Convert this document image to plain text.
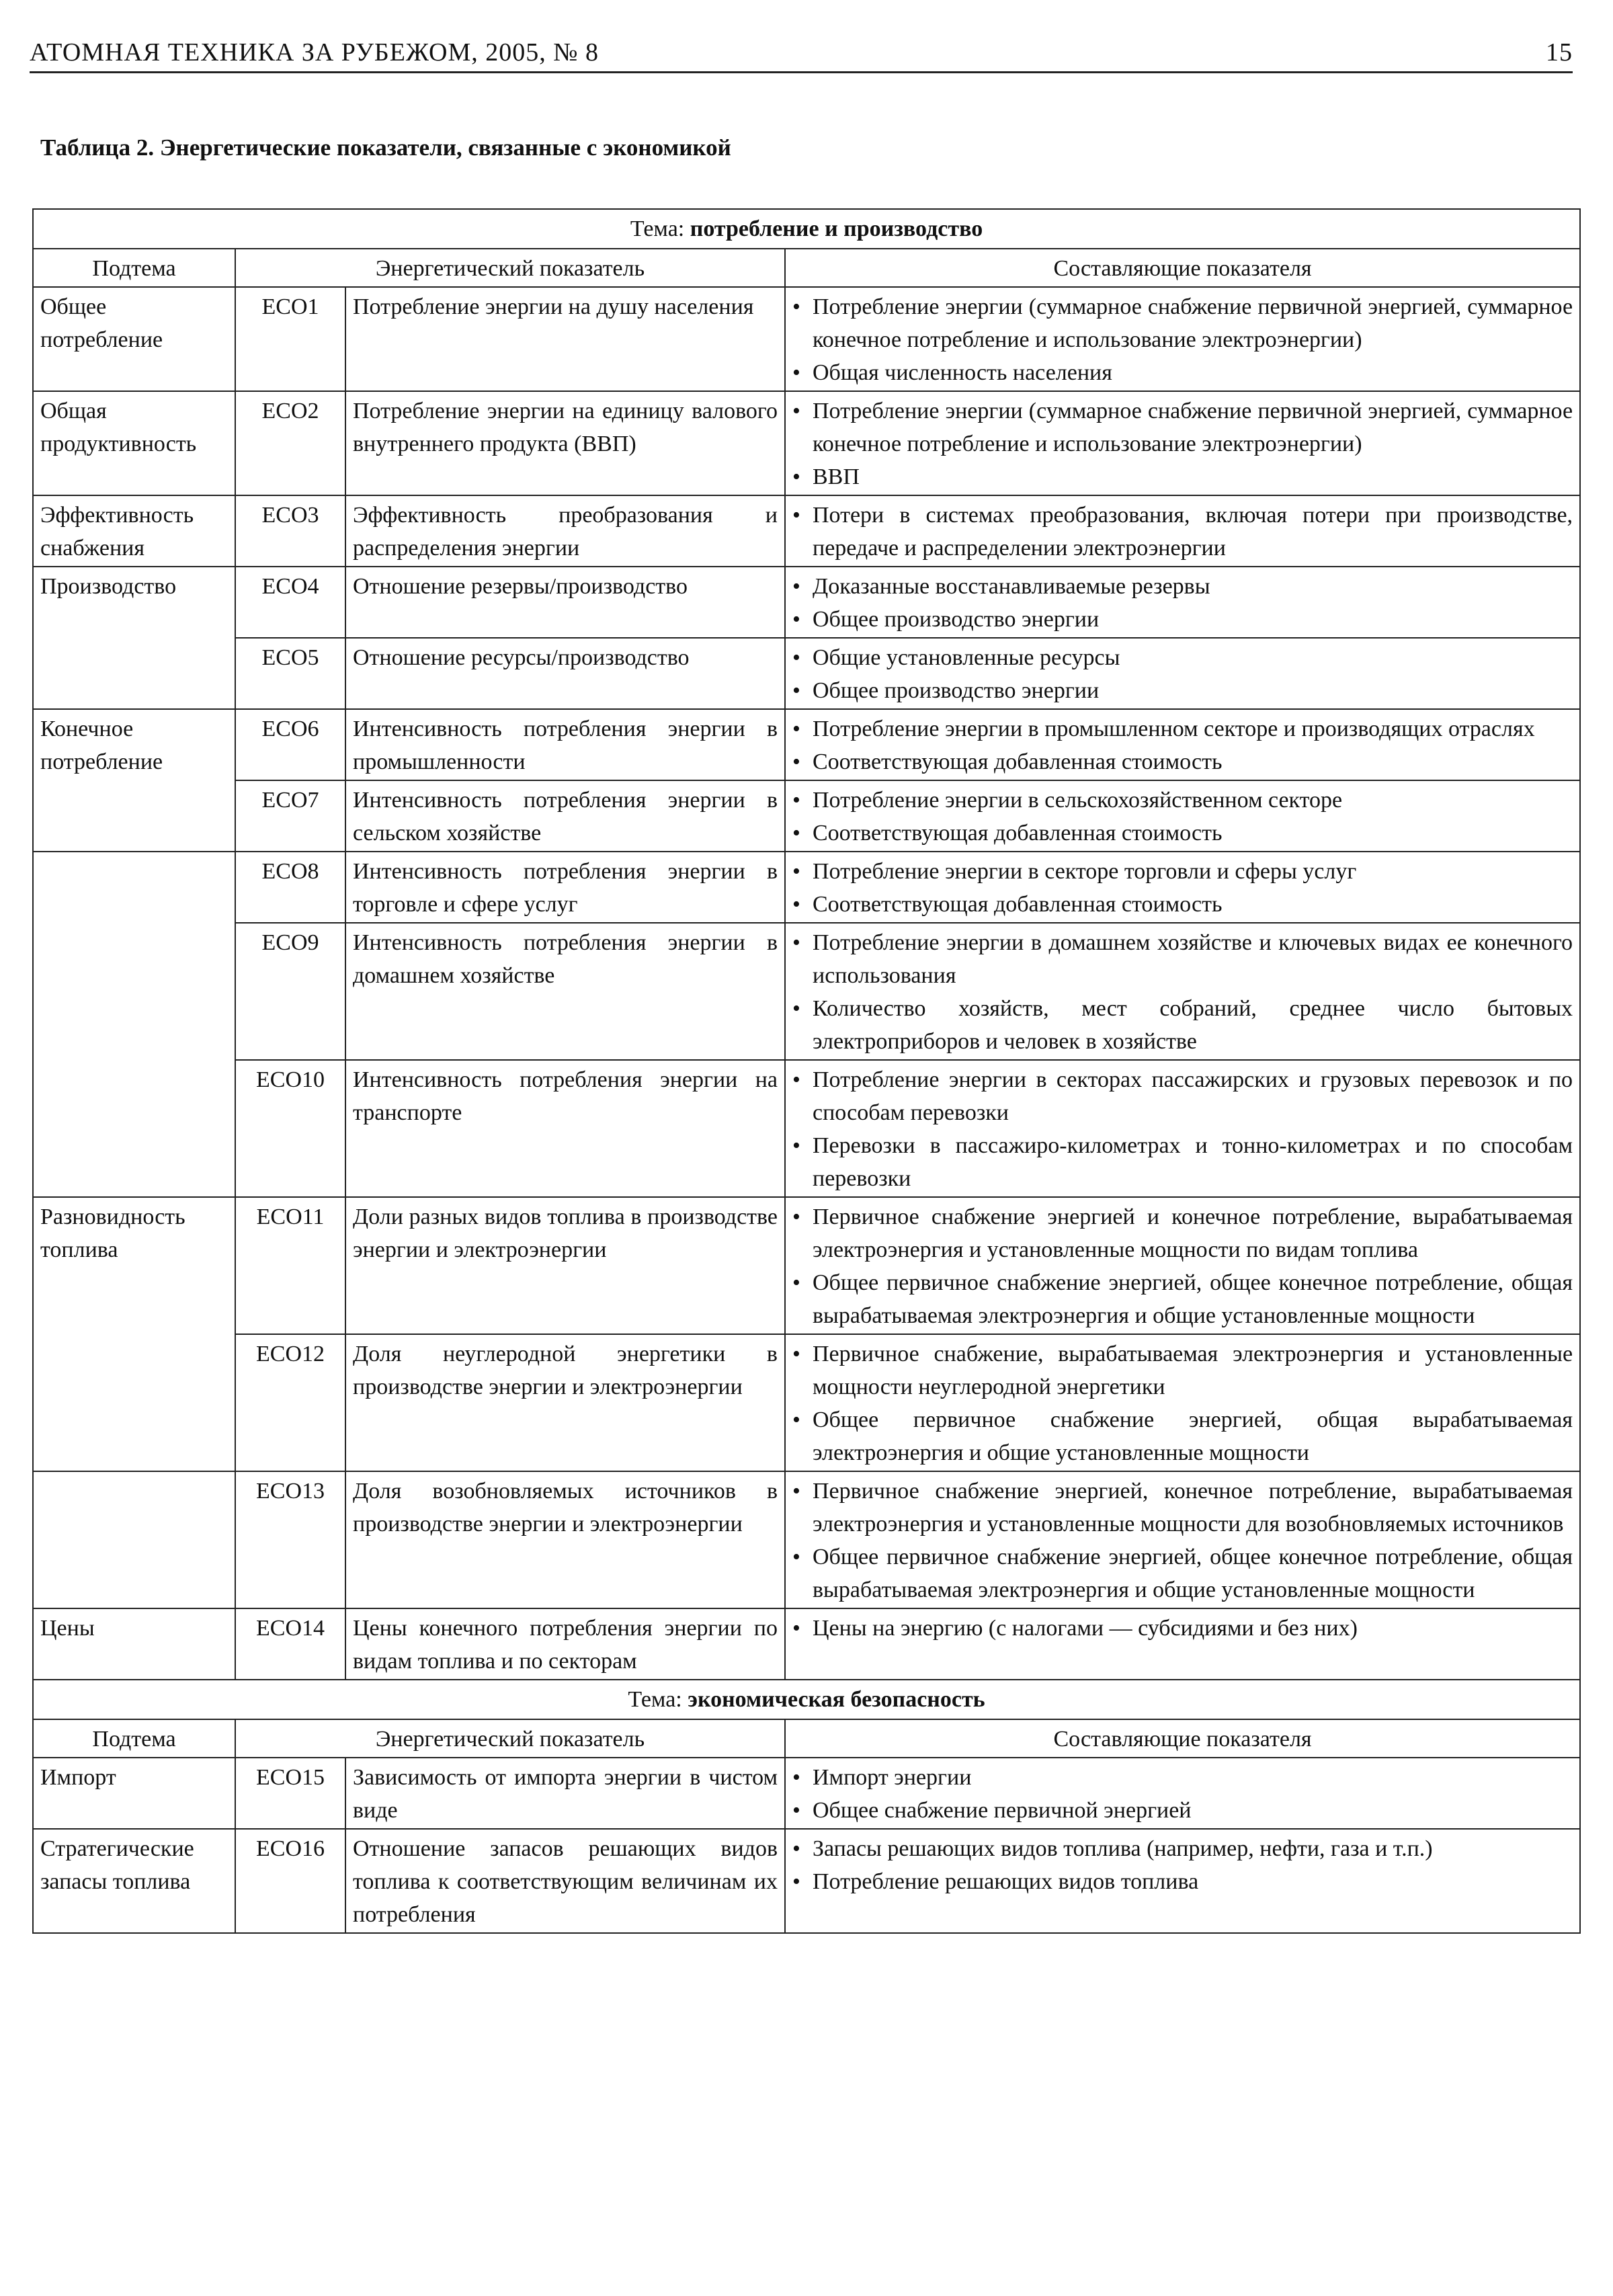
АТОМНАЯ ТЕХНИКА ЗА РУБЕЖОМ, 2005, № 8	15
Таблица 2. Энергетические показатели, связанные с экономикой
Тема: потребление и производство			
Подтема	Энергетический показатель		Составляющие показателя
Общее потребление	ECO1	Потребление энергии на душу населения	• Потребление энергии (суммарное снабжение первичной энергией, суммарное конечное потребление и использование электроэнергии)
• Общая численность населения

Общая продуктивность	ECO2	Потребление энергии на единицу валового внутреннего продукта (ВВП)	• Потребление энергии (суммарное снабжение первичной энергией, суммарное конечное потребление и использование электроэнергии)
• ВВП

Эффективность снабжения	ECO3	Эффективность преобразования и распределения энергии	• Потери в системах преобразования, включая потери при производстве, передаче и распределении электроэнергии

Производство	ECO4	Отношение резервы/производство	• Доказанные восстанавливаемые резервы
• Общее производство энергии

	ECO5	Отношение ресурсы/производство	• Общие установленные ресурсы
• Общее производство энергии

Конечное потребление	ECO6	Интенсивность потребления энергии в промышленности	• Потребление энергии в промышленном секторе и производящих отраслях
• Соответствующая добавленная стоимость

	ECO7	Интенсивность потребления энергии в сельском хозяйстве	• Потребление энергии в сельскохозяйственном секторе
• Соответствующая добавленная стоимость

	ECO8	Интенсивность потребления энергии в торговле и сфере услуг	• Потребление энергии в секторе торговли и сферы услуг
• Соответствующая добавленная стоимость

	ECO9	Интенсивность потребления энергии в домашнем хозяйстве	• Потребление энергии в домашнем хозяйстве и ключевых видах ее конечного использования
• Количество хозяйств, мест собраний, среднее число бытовых электроприборов и человек в хозяйстве

	ECO10	Интенсивность потребления энергии на транспорте	• Потребление энергии в секторах пассажирских и грузовых перевозок и по способам перевозки
• Перевозки в пассажиро-километрах и тонно-километрах и по способам перевозки

Разновидность топлива	ECO11	Доли разных видов топлива в производстве энергии и электроэнергии	• Первичное снабжение энергией и конечное потребление, вырабатываемая электроэнергия и установленные мощности по видам топлива
• Общее первичное снабжение энергией, общее конечное потребление, общая вырабатываемая электроэнергия и общие установленные мощности

	ECO12	Доля неуглеродной энергетики в производстве энергии и электроэнергии	• Первичное снабжение, вырабатываемая электроэнергия и установленные мощности неуглеродной энергетики
• Общее первичное снабжение энергией, общая вырабатываемая электроэнергия и общие установленные мощности

	ECO13	Доля возобновляемых источников в производстве энергии и электроэнергии	• Первичное снабжение энергией, конечное потребление, вырабатываемая электроэнергия и установленные мощности для возобновляемых источников
• Общее первичное снабжение энергией, общее конечное потребление, общая вырабатываемая электроэнергия и общие установленные мощности

Цены	ECO14	Цены конечного потребления энергии по видам топлива и по секторам	• Цены на энергию (с налогами — субсидиями и без них)

Тема: экономическая безопасность			
Подтема	Энергетический показатель		Составляющие показателя
Импорт	ECO15	Зависимость от импорта энергии в чистом виде	• Импорт энергии
• Общее снабжение первичной энергией

Стратегические запасы топлива	ECO16	Отношение запасов решающих видов топлива к соответствующим величинам их потребления	• Запасы решающих видов топлива (например, нефти, газа и т.п.)
• Потребление решающих видов топлива
